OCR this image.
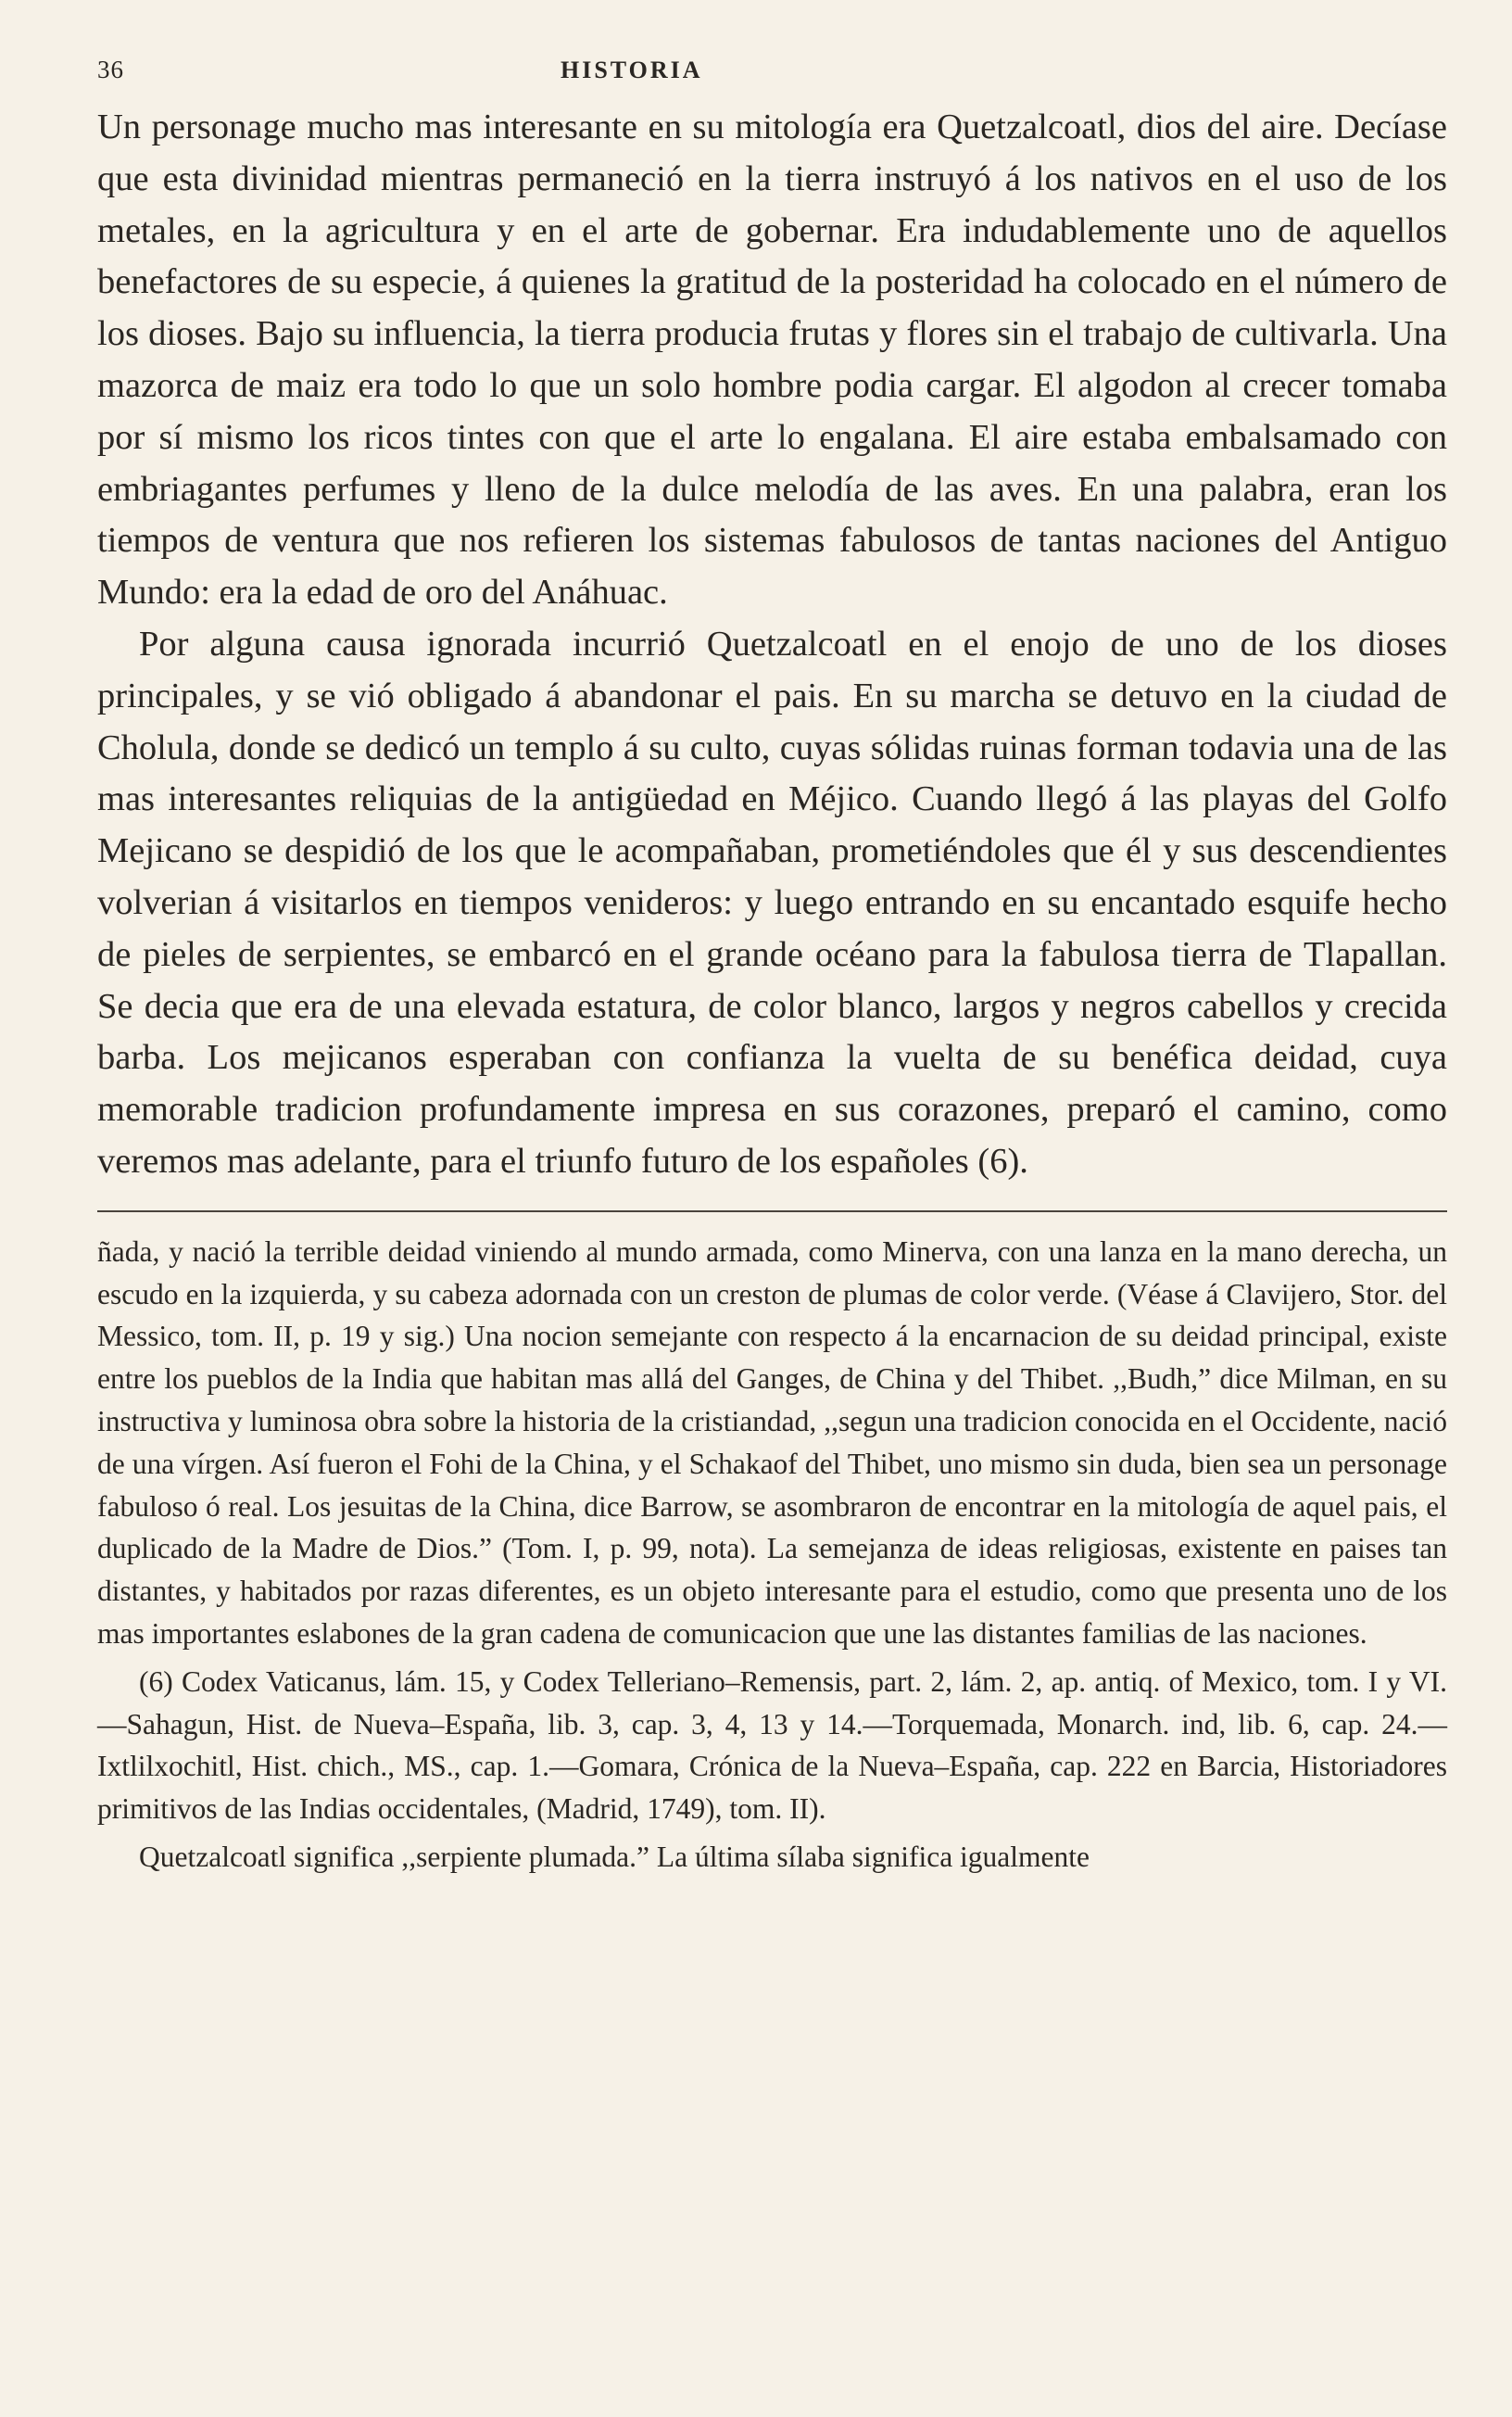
36	HISTORIA

Un personage mucho mas interesante en su mitología era Quetzalcoatl, dios del aire. Decíase que esta divinidad mientras permaneció en la tierra instruyó á los nativos en el uso de los metales, en la agricultura y en el arte de gobernar. Era indudablemente uno de aquellos benefactores de su especie, á quienes la gratitud de la posteridad ha colocado en el número de los dioses. Bajo su influencia, la tierra producia frutas y flores sin el trabajo de cultivarla. Una mazorca de maiz era todo lo que un solo hombre podia cargar. El algodon al crecer tomaba por sí mismo los ricos tintes con que el arte lo engalana. El aire estaba embalsamado con embriagantes perfumes y lleno de la dulce melodía de las aves. En una palabra, eran los tiempos de ventura que nos refieren los sistemas fabulosos de tantas naciones del Antiguo Mundo: era la edad de oro del Anáhuac.

Por alguna causa ignorada incurrió Quetzalcoatl en el enojo de uno de los dioses principales, y se vió obligado á abandonar el pais. En su marcha se detuvo en la ciudad de Cholula, donde se dedicó un templo á su culto, cuyas sólidas ruinas forman todavia una de las mas interesantes reliquias de la antigüedad en Méjico. Cuando llegó á las playas del Golfo Mejicano se despidió de los que le acompañaban, prometiéndoles que él y sus descendientes volverian á visitarlos en tiempos venideros: y luego entrando en su encantado esquife hecho de pieles de serpientes, se embarcó en el grande océano para la fabulosa tierra de Tlapallan. Se decia que era de una elevada estatura, de color blanco, largos y negros cabellos y crecida barba. Los mejicanos esperaban con confianza la vuelta de su benéfica deidad, cuya memorable tradicion profundamente impresa en sus corazones, preparó el camino, como veremos mas adelante, para el triunfo futuro de los españoles (6).

ñada, y nació la terrible deidad viniendo al mundo armada, como Minerva, con una lanza en la mano derecha, un escudo en la izquierda, y su cabeza adornada con un creston de plumas de color verde. (Véase á Clavijero, Stor. del Messico, tom. II, p. 19 y sig.) Una nocion semejante con respecto á la encarnacion de su deidad principal, existe entre los pueblos de la India que habitan mas allá del Ganges, de China y del Thibet. ,,Budh,” dice Milman, en su instructiva y luminosa obra sobre la historia de la cristiandad, ,,segun una tradicion conocida en el Occidente, nació de una vírgen. Así fueron el Fohi de la China, y el Schakaof del Thibet, uno mismo sin duda, bien sea un personage fabuloso ó real. Los jesuitas de la China, dice Barrow, se asombraron de encontrar en la mitología de aquel pais, el duplicado de la Madre de Dios.” (Tom. I, p. 99, nota). La semejanza de ideas religiosas, existente en paises tan distantes, y habitados por razas diferentes, es un objeto interesante para el estudio, como que presenta uno de los mas importantes eslabones de la gran cadena de comunicacion que une las distantes familias de las naciones.

(6) Codex Vaticanus, lám. 15, y Codex Telleriano–Remensis, part. 2, lám. 2, ap. antiq. of Mexico, tom. I y VI.—Sahagun, Hist. de Nueva–España, lib. 3, cap. 3, 4, 13 y 14.—Torquemada, Monarch. ind, lib. 6, cap. 24.—Ixtlilxochitl, Hist. chich., MS., cap. 1.—Gomara, Crónica de la Nueva–España, cap. 222 en Barcia, Historiadores primitivos de las Indias occidentales, (Madrid, 1749), tom. II).

Quetzalcoatl significa ,,serpiente plumada.” La última sílaba significa igualmente
